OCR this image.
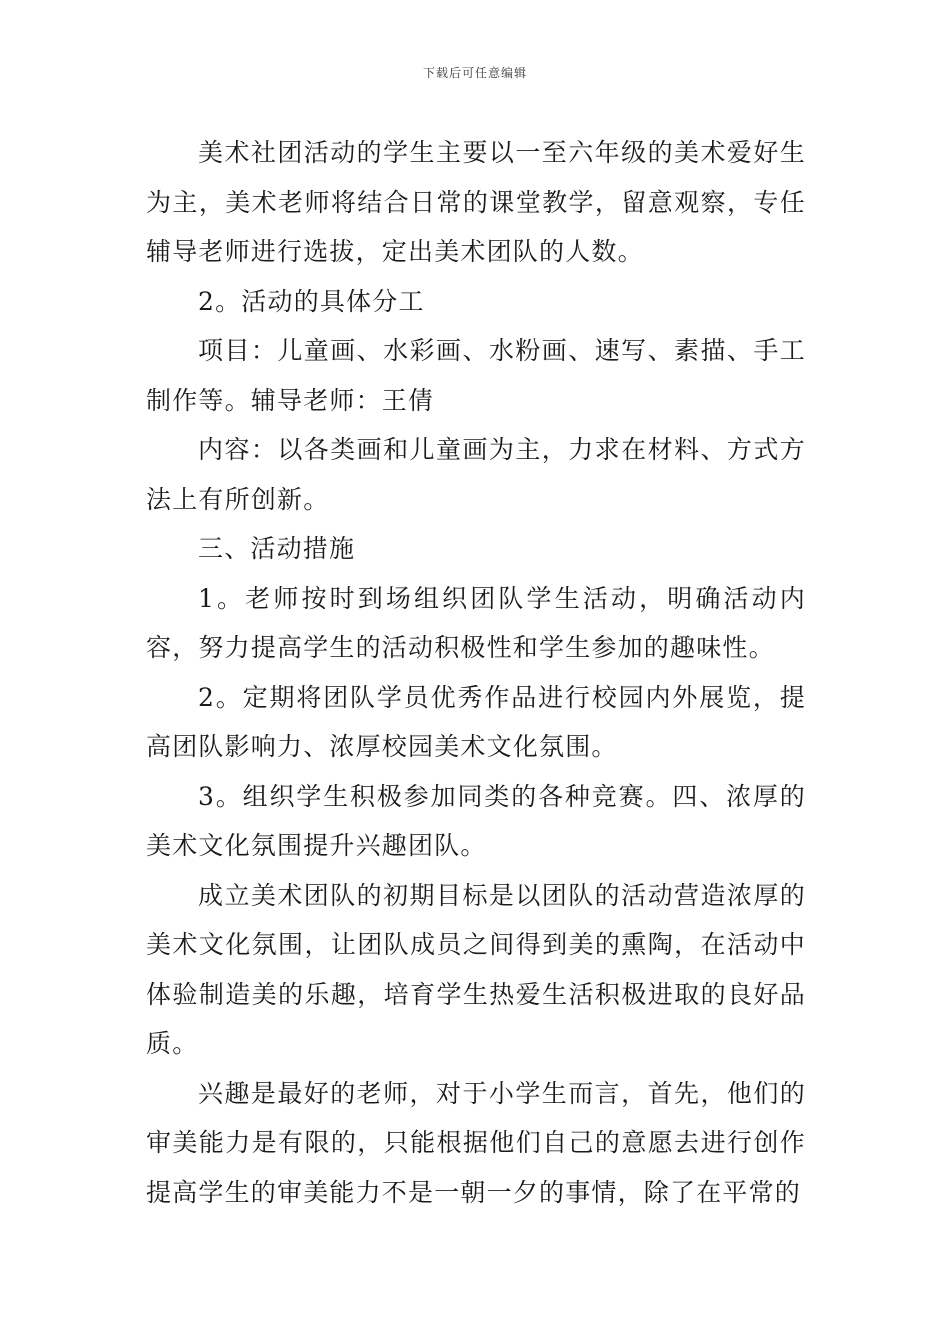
下载后可任意编辑

美术社团活动的学生主要以一至六年级的美术爱好生为主，美术老师将结合日常的课堂教学，留意观察，专任辅导老师进行选拔，定出美术团队的人数。

2。活动的具体分工

项目：儿童画、水彩画、水粉画、速写、素描、手工制作等。辅导老师：王倩

内容：以各类画和儿童画为主，力求在材料、方式方法上有所创新。

三、活动措施

1。老师按时到场组织团队学生活动，明确活动内容，努力提高学生的活动积极性和学生参加的趣味性。

2。定期将团队学员优秀作品进行校园内外展览，提高团队影响力、浓厚校园美术文化氛围。

3。组织学生积极参加同类的各种竞赛。四、浓厚的美术文化氛围提升兴趣团队。

成立美术团队的初期目标是以团队的活动营造浓厚的美术文化氛围，让团队成员之间得到美的熏陶，在活动中体验制造美的乐趣，培育学生热爱生活积极进取的良好品质。

兴趣是最好的老师，对于小学生而言，首先，他们的审美能力是有限的，只能根据他们自己的意愿去进行创作提高学生的审美能力不是一朝一夕的事情，除了在平常的
